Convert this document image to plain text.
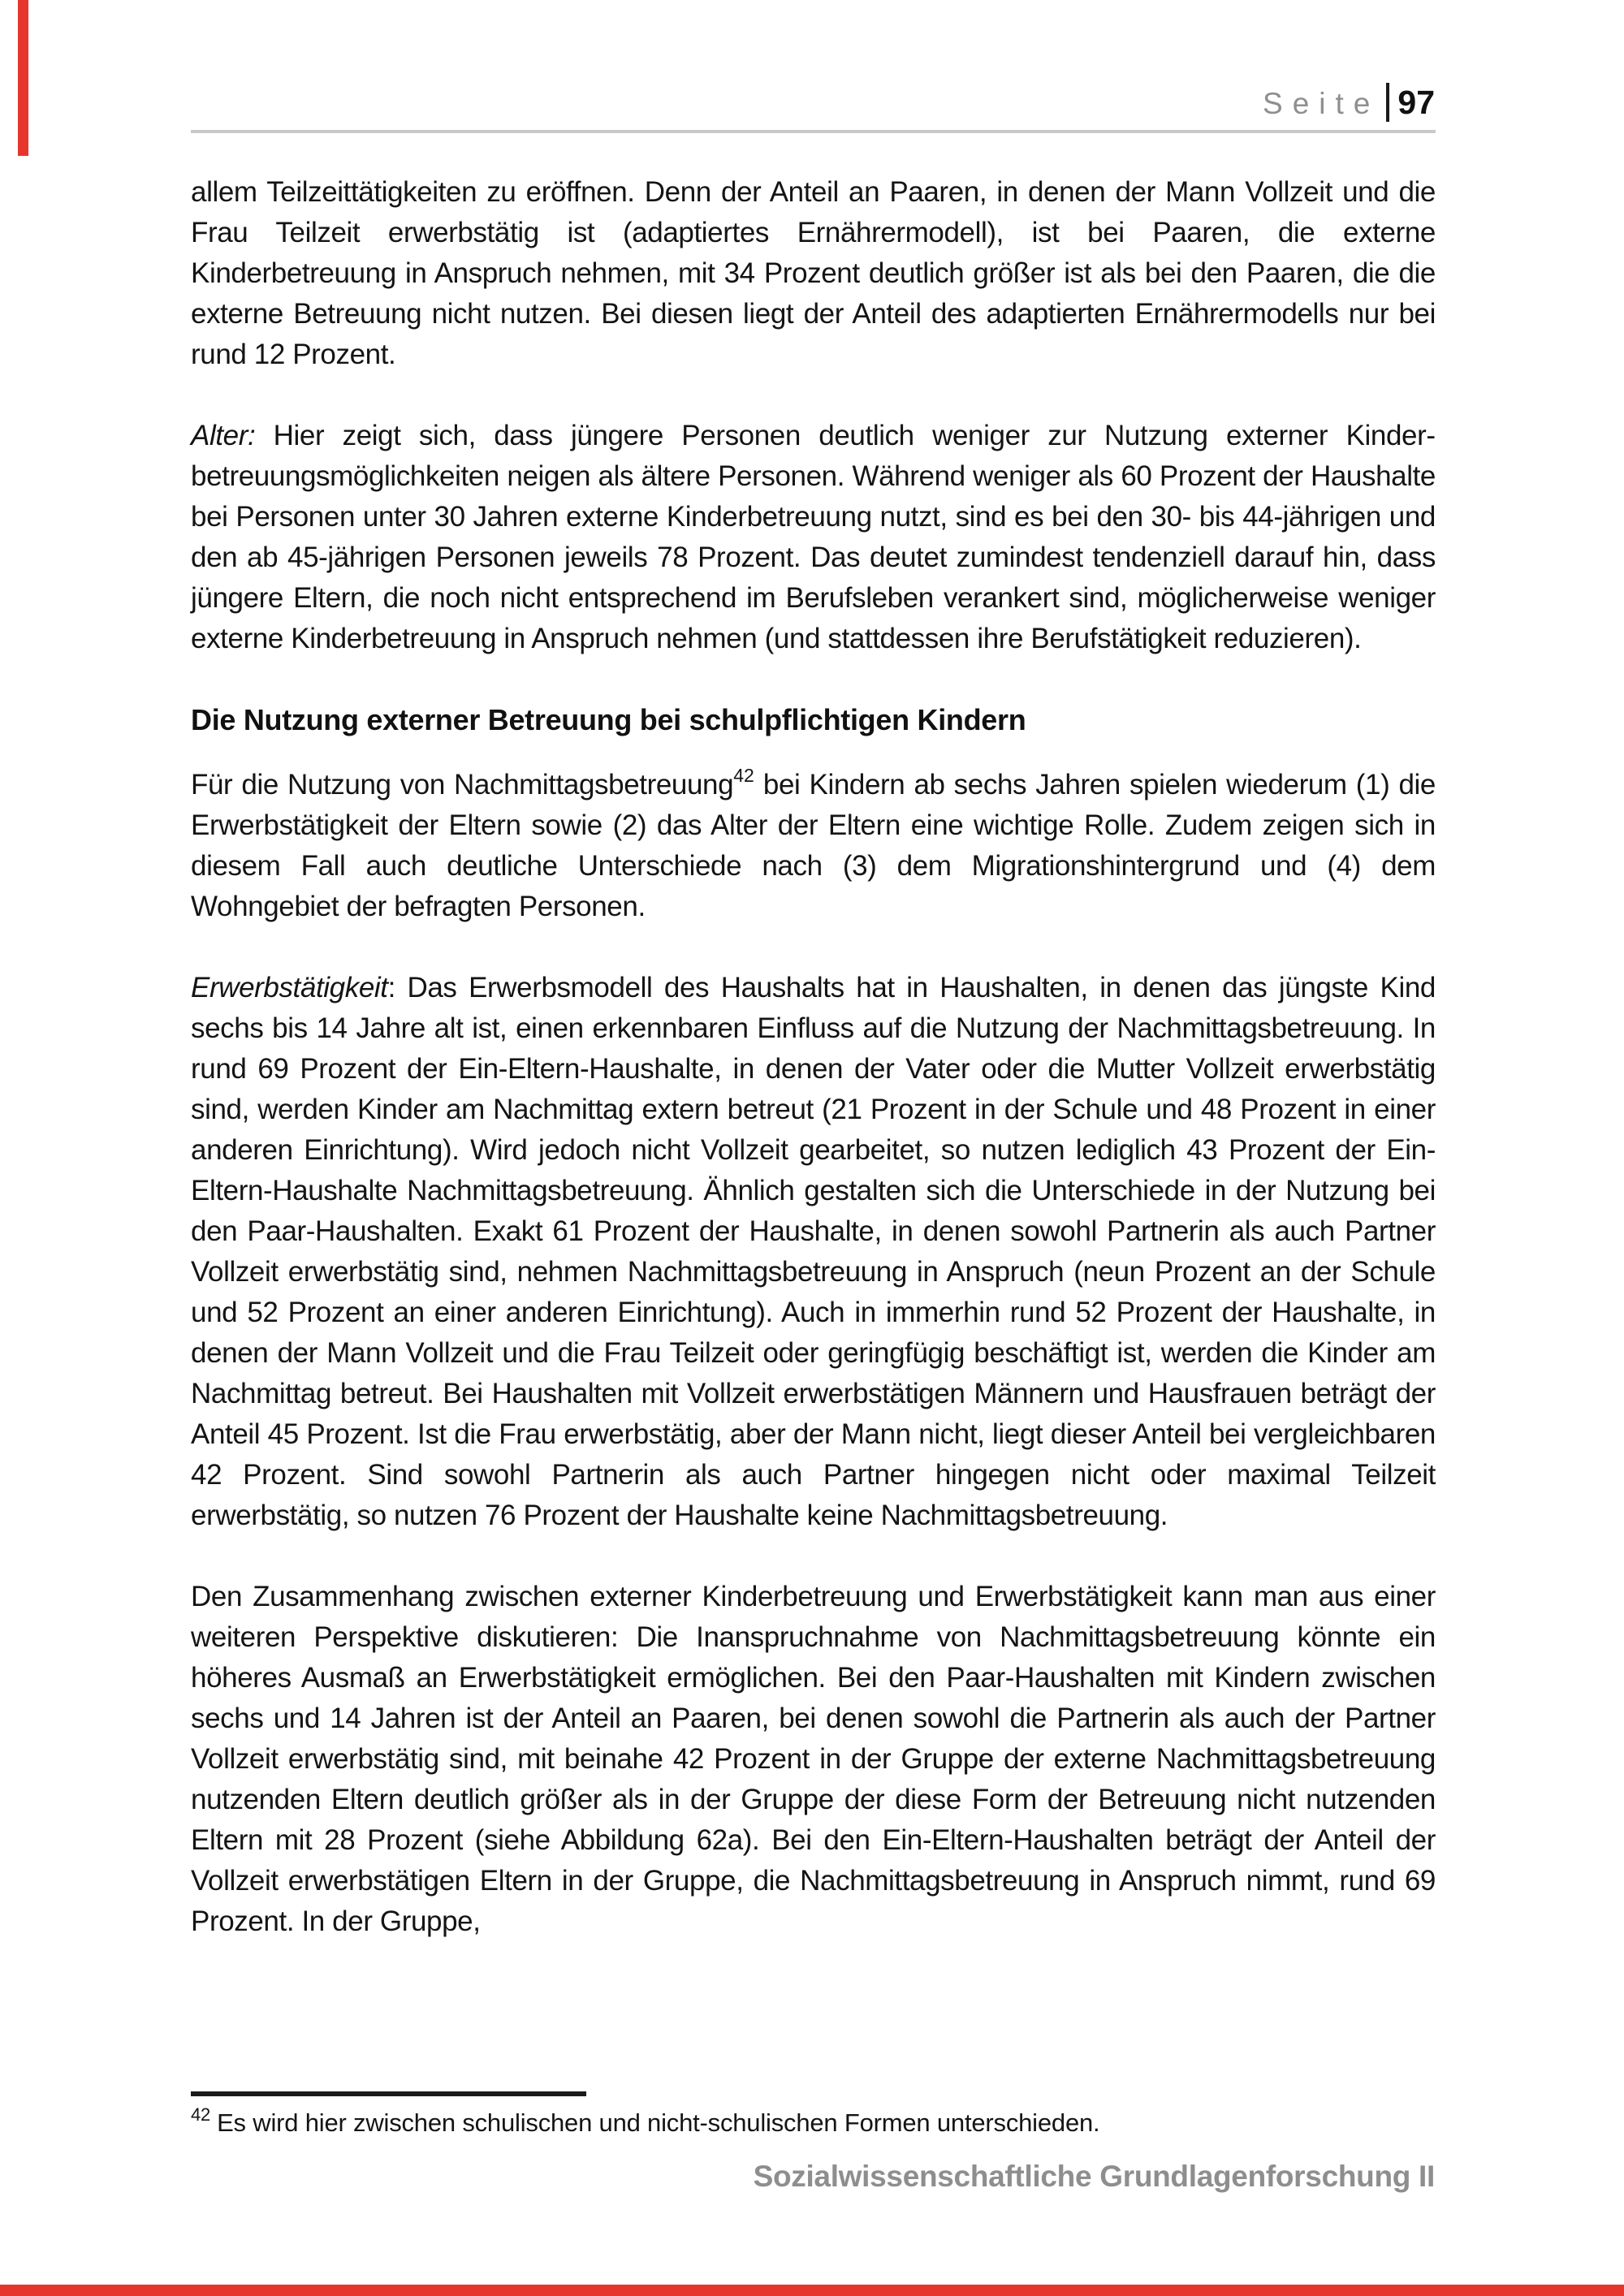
Seite 97

allem Teilzeittätigkeiten zu eröffnen. Denn der Anteil an Paaren, in denen der Mann Vollzeit und die Frau Teilzeit erwerbstätig ist (adaptiertes Ernährermodell), ist bei Paaren, die externe Kinderbetreuung in Anspruch nehmen, mit 34 Prozent deutlich größer ist als bei den Paaren, die die externe Betreuung nicht nutzen. Bei diesen liegt der Anteil des adaptierten Ernährermodells nur bei rund 12 Prozent.

Alter: Hier zeigt sich, dass jüngere Personen deutlich weniger zur Nutzung externer Kinderbetreuungsmöglichkeiten neigen als ältere Personen. Während weniger als 60 Prozent der Haushalte bei Personen unter 30 Jahren externe Kinderbetreuung nutzt, sind es bei den 30- bis 44-jährigen und den ab 45-jährigen Personen jeweils 78 Prozent. Das deutet zumindest tendenziell darauf hin, dass jüngere Eltern, die noch nicht entsprechend im Berufsleben verankert sind, möglicherweise weniger externe Kinderbetreuung in Anspruch nehmen (und stattdessen ihre Berufstätigkeit reduzieren).

Die Nutzung externer Betreuung bei schulpflichtigen Kindern

Für die Nutzung von Nachmittagsbetreuung$^{42}$ bei Kindern ab sechs Jahren spielen wiederum (1) die Erwerbstätigkeit der Eltern sowie (2) das Alter der Eltern eine wichtige Rolle. Zudem zeigen sich in diesem Fall auch deutliche Unterschiede nach (3) dem Migrationshintergrund und (4) dem Wohngebiet der befragten Personen.

Erwerbstätigkeit: Das Erwerbsmodell des Haushalts hat in Haushalten, in denen das jüngste Kind sechs bis 14 Jahre alt ist, einen erkennbaren Einfluss auf die Nutzung der Nachmittagsbetreuung. In rund 69 Prozent der Ein-Eltern-Haushalte, in denen der Vater oder die Mutter Vollzeit erwerbstätig sind, werden Kinder am Nachmittag extern betreut (21 Prozent in der Schule und 48 Prozent in einer anderen Einrichtung). Wird jedoch nicht Vollzeit gearbeitet, so nutzen lediglich 43 Prozent der Ein-Eltern-Haushalte Nachmittagsbetreuung. Ähnlich gestalten sich die Unterschiede in der Nutzung bei den Paar-Haushalten. Exakt 61 Prozent der Haushalte, in denen sowohl Partnerin als auch Partner Vollzeit erwerbstätig sind, nehmen Nachmittagsbetreuung in Anspruch (neun Prozent an der Schule und 52 Prozent an einer anderen Einrichtung). Auch in immerhin rund 52 Prozent der Haushalte, in denen der Mann Vollzeit und die Frau Teilzeit oder geringfügig beschäftigt ist, werden die Kinder am Nachmittag betreut. Bei Haushalten mit Vollzeit erwerbstätigen Männern und Hausfrauen beträgt der Anteil 45 Prozent. Ist die Frau erwerbstätig, aber der Mann nicht, liegt dieser Anteil bei vergleichbaren 42 Prozent. Sind sowohl Partnerin als auch Partner hingegen nicht oder maximal Teilzeit erwerbstätig, so nutzen 76 Prozent der Haushalte keine Nachmittagsbetreuung.

Den Zusammenhang zwischen externer Kinderbetreuung und Erwerbstätigkeit kann man aus einer weiteren Perspektive diskutieren: Die Inanspruchnahme von Nachmittagsbetreuung könnte ein höheres Ausmaß an Erwerbstätigkeit ermöglichen. Bei den Paar-Haushalten mit Kindern zwischen sechs und 14 Jahren ist der Anteil an Paaren, bei denen sowohl die Partnerin als auch der Partner Vollzeit erwerbstätig sind, mit beinahe 42 Prozent in der Gruppe der externe Nachmittagsbetreuung nutzenden Eltern deutlich größer als in der Gruppe der diese Form der Betreuung nicht nutzenden Eltern mit 28 Prozent (siehe Abbildung 62a). Bei den Ein-Eltern-Haushalten beträgt der Anteil der Vollzeit erwerbstätigen Eltern in der Gruppe, die Nachmittagsbetreuung in Anspruch nimmt, rund 69 Prozent. In der Gruppe,

$^{42}$ Es wird hier zwischen schulischen und nicht-schulischen Formen unterschieden.

Sozialwissenschaftliche Grundlagenforschung II
